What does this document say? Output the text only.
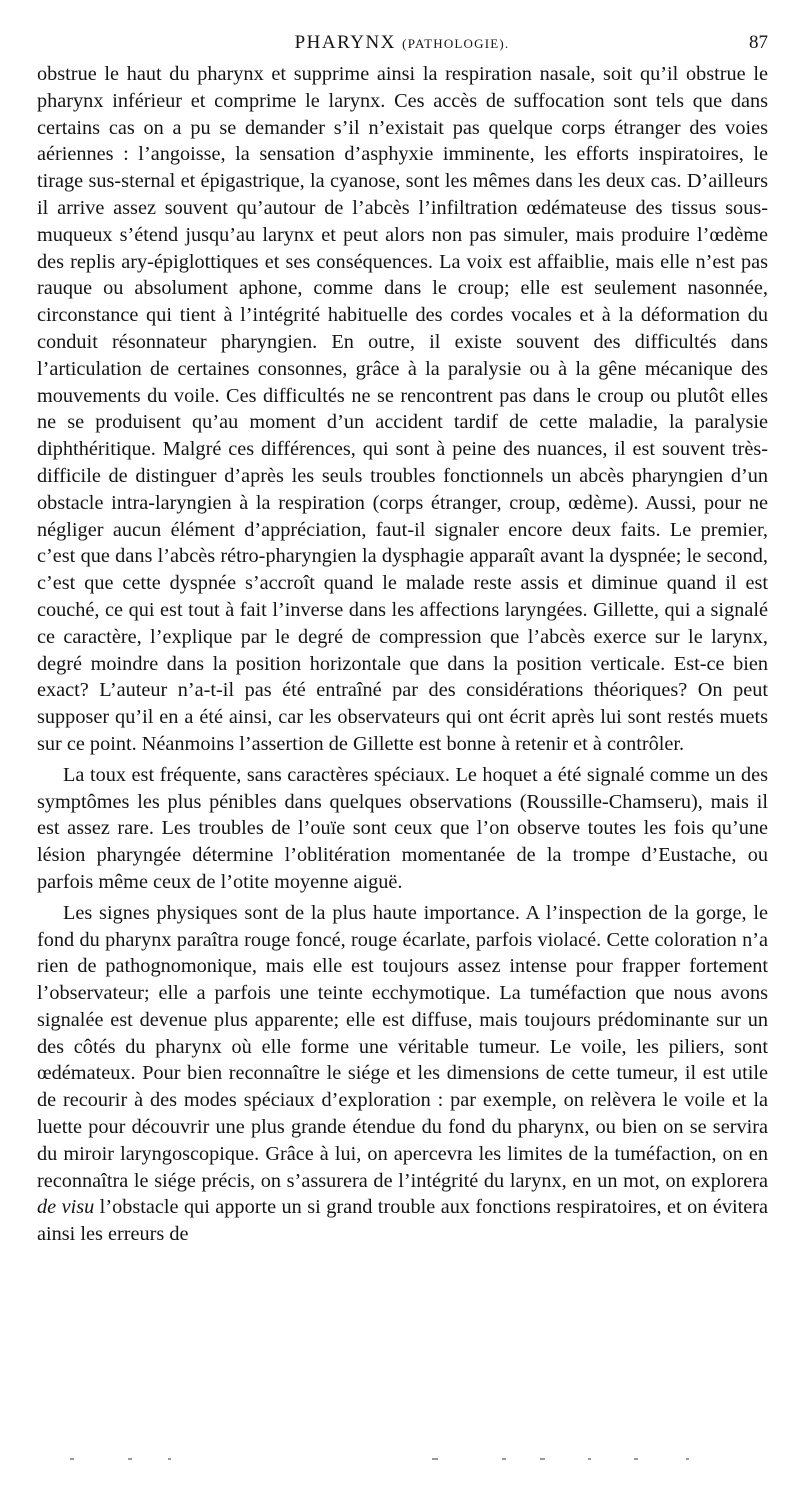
PHARYNX (PATHOLOGIE).	87

obstrue le haut du pharynx et supprime ainsi la respiration nasale, soit qu’il obstrue le pharynx inférieur et comprime le larynx. Ces accès de suffocation sont tels que dans certains cas on a pu se demander s’il n’existait pas quelque corps étranger des voies aériennes : l’angoisse, la sensation d’asphyxie imminente, les efforts inspiratoires, le tirage sus-sternal et épigastrique, la cyanose, sont les mêmes dans les deux cas. D’ailleurs il arrive assez souvent qu’autour de l’abcès l’infiltration œdémateuse des tissus sous-muqueux s’étend jusqu’au larynx et peut alors non pas simuler, mais produire l’œdème des replis ary-épiglottiques et ses conséquences. La voix est affaiblie, mais elle n’est pas rauque ou absolument aphone, comme dans le croup; elle est seulement nasonnée, circonstance qui tient à l’intégrité habituelle des cordes vocales et à la déformation du conduit résonnateur pharyngien. En outre, il existe souvent des difficultés dans l’articulation de certaines consonnes, grâce à la paralysie ou à la gêne mécanique des mouvements du voile. Ces difficultés ne se rencontrent pas dans le croup ou plutôt elles ne se produisent qu’au moment d’un accident tardif de cette maladie, la paralysie diphthéritique. Malgré ces différences, qui sont à peine des nuances, il est souvent très-difficile de distinguer d’après les seuls troubles fonctionnels un abcès pharyngien d’un obstacle intra-laryngien à la respiration (corps étranger, croup, œdème). Aussi, pour ne négliger aucun élément d’appréciation, faut-il signaler encore deux faits. Le premier, c’est que dans l’abcès rétro-pharyngien la dysphagie apparaît avant la dyspnée; le second, c’est que cette dyspnée s’accroît quand le malade reste assis et diminue quand il est couché, ce qui est tout à fait l’inverse dans les affections laryngées. Gillette, qui a signalé ce caractère, l’explique par le degré de compression que l’abcès exerce sur le larynx, degré moindre dans la position horizontale que dans la position verticale. Est-ce bien exact? L’auteur n’a-t-il pas été entraîné par des considérations théoriques? On peut supposer qu’il en a été ainsi, car les observateurs qui ont écrit après lui sont restés muets sur ce point. Néanmoins l’assertion de Gillette est bonne à retenir et à contrôler.

La toux est fréquente, sans caractères spéciaux. Le hoquet a été signalé comme un des symptômes les plus pénibles dans quelques observations (Roussille-Chamseru), mais il est assez rare. Les troubles de l’ouïe sont ceux que l’on observe toutes les fois qu’une lésion pharyngée détermine l’oblitération momentanée de la trompe d’Eustache, ou parfois même ceux de l’otite moyenne aiguë.

Les signes physiques sont de la plus haute importance. A l’inspection de la gorge, le fond du pharynx paraîtra rouge foncé, rouge écarlate, parfois violacé. Cette coloration n’a rien de pathognomonique, mais elle est toujours assez intense pour frapper fortement l’observateur; elle a parfois une teinte ecchymotique. La tuméfaction que nous avons signalée est devenue plus apparente; elle est diffuse, mais toujours prédominante sur un des côtés du pharynx où elle forme une véritable tumeur. Le voile, les piliers, sont œdémateux. Pour bien reconnaître le siége et les dimensions de cette tumeur, il est utile de recourir à des modes spéciaux d’exploration : par exemple, on relèvera le voile et la luette pour découvrir une plus grande étendue du fond du pharynx, ou bien on se servira du miroir laryngoscopique. Grâce à lui, on apercevra les limites de la tuméfaction, on en reconnaîtra le siége précis, on s’assurera de l’intégrité du larynx, en un mot, on explorera de visu l’obstacle qui apporte un si grand trouble aux fonctions respiratoires, et on évitera ainsi les erreurs de
